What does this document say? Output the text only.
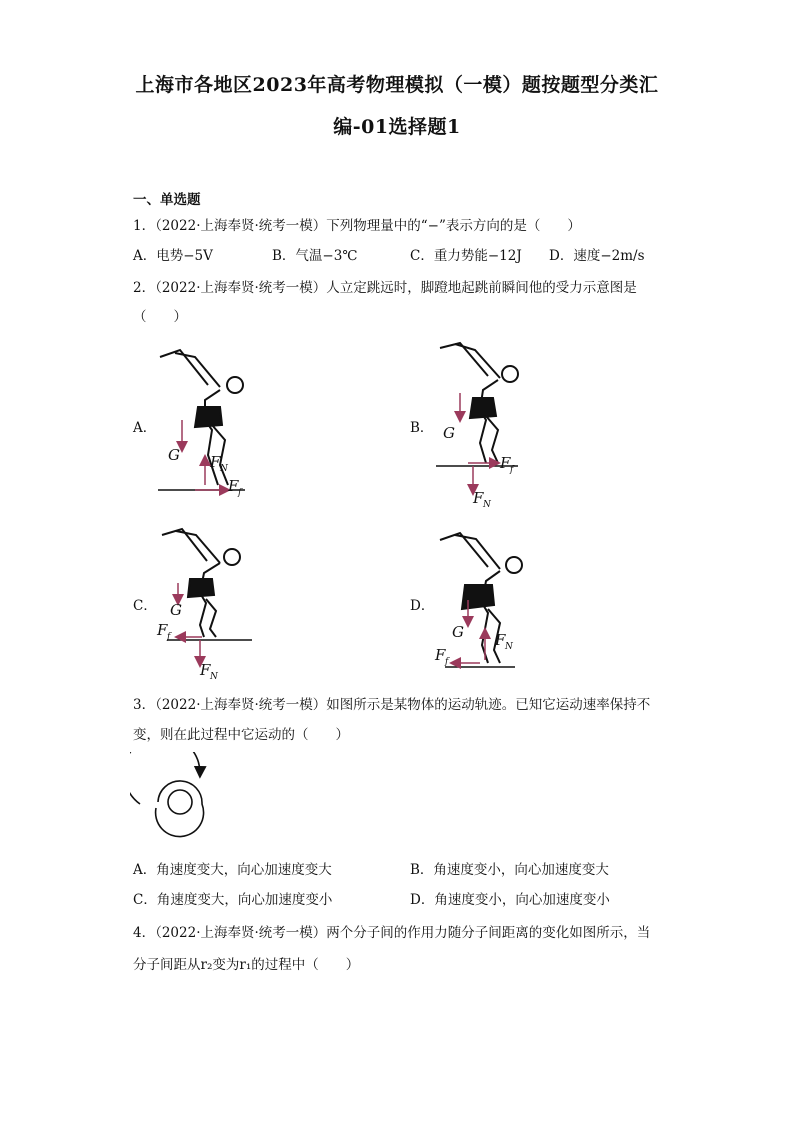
上海市各地区2023年高考物理模拟（一模）题按题型分类汇
编-01选择题1
一、单选题
1．（2022·上海奉贤·统考一模）下列物理量中的“−”表示方向的是（　　）
A．电势−5V	B．气温−3℃	C．重力势能−12J D．速度−2m/s
2．（2022·上海奉贤·统考一模）人立定跳远时，脚蹬地起跳前瞬间他的受力示意图是
（　　）
A．	B．
C．	D．
G F N
F f
G
F f
F N
G
F f
F N
G F N
F f
3．（2022·上海奉贤·统考一模）如图所示是某物体的运动轨迹。已知它运动速率保持不
变，则在此过程中它运动的（　　）
A．角速度变大，向心加速度变大	B．角速度变小，向心加速度变大
C．角速度变大，向心加速度变小	D．角速度变小，向心加速度变小
4．（2022·上海奉贤·统考一模）两个分子间的作用力随分子间距离的变化如图所示，当
分子间距从r₂变为r₁的过程中（　　）
